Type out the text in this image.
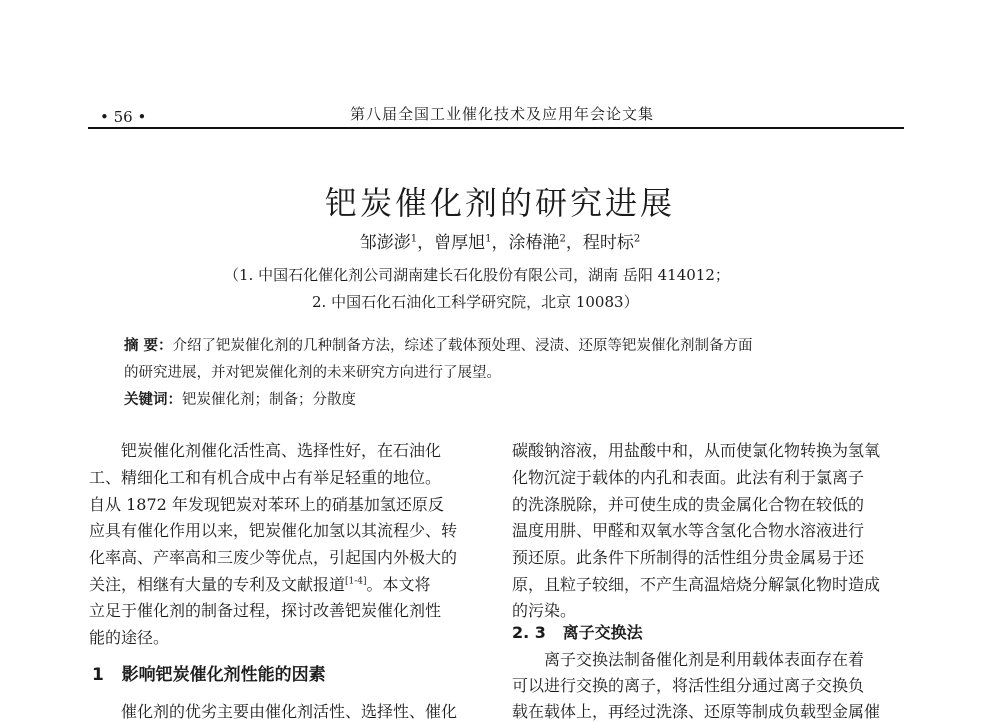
• 56 •	第八届全国工业催化技术及应用年会论文集
钯炭催化剂的研究进展
邹澎澎$^1$，曾厚旭$^1$，涂椿滟$^2$，程时标$^2$
（1. 中国石化催化剂公司湖南建长石化股份有限公司，湖南 岳阳 414012；
2. 中国石化石油化工科学研究院，北京 10083）
摘 要：介绍了钯炭催化剂的几种制备方法，综述了载体预处理、浸渍、还原等钯炭催化剂制备方面
的研究进展，并对钯炭催化剂的未来研究方向进行了展望。
关键词：钯炭催化剂；制备；分散度
钯炭催化剂催化活性高、选择性好，在石油化
工、精细化工和有机合成中占有举足轻重的地位。
自从 1872 年发现钯炭对苯环上的硝基加氢还原反
应具有催化作用以来，钯炭催化加氢以其流程少、转
化率高、产率高和三废少等优点，引起国内外极大的
关注，相继有大量的专利及文献报道[1-4]。本文将
立足于催化剂的制备过程，探讨改善钯炭催化剂性
能的途径。
1 影响钯炭催化剂性能的因素
催化剂的优劣主要由催化剂活性、选择性、催化
碳酸钠溶液，用盐酸中和，从而使氯化物转换为氢氧
化物沉淀于载体的内孔和表面。此法有利于氯离子
的洗涤脱除，并可使生成的贵金属化合物在较低的
温度用肼、甲醛和双氧水等含氢化合物水溶液进行
预还原。此条件下所制得的活性组分贵金属易于还
原，且粒子较细，不产生高温焙烧分解氯化物时造成
的污染。
2. 3 离子交换法
离子交换法制备催化剂是利用载体表面存在着
可以进行交换的离子，将活性组分通过离子交换负
载在载体上，再经过洗涤、还原等制成负载型金属催
